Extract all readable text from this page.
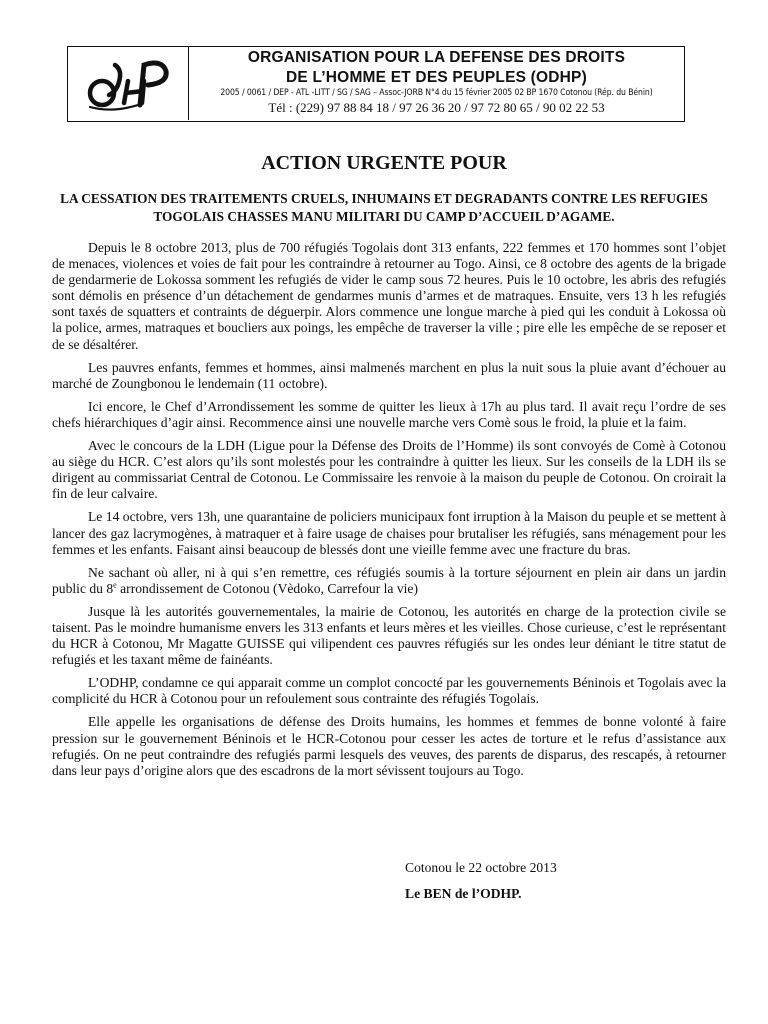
ORGANISATION POUR LA DEFENSE DES DROITS
DE L’HOMME ET DES PEUPLES (ODHP)
2005 / 0061 / DEP - ATL -LITT / SG / SAG – Assoc-JORB N°4 du 15 février 2005 02 BP 1670 Cotonou (Rép. du Bénin)
Tél : (229) 97 88 84 18 / 97 26 36 20 / 97 72 80 65 / 90 02 22 53
ACTION URGENTE POUR
LA CESSATION DES TRAITEMENTS CRUELS, INHUMAINS ET DEGRADANTS CONTRE LES REFUGIES TOGOLAIS CHASSES MANU MILITARI DU CAMP D’ACCUEIL D’AGAME.

Depuis le 8 octobre 2013, plus de 700 réfugiés Togolais dont 313 enfants, 222 femmes et 170 hommes sont l’objet de menaces, violences et voies de fait pour les contraindre à retourner au Togo. Ainsi, ce 8 octobre des agents de la brigade de gendarmerie de Lokossa somment les refugiés de vider le camp sous 72 heures. Puis le 10 octobre, les abris des refugiés sont démolis en présence d’un détachement de gendarmes munis d’armes et de matraques. Ensuite, vers 13 h les refugiés sont taxés de squatters et contraints de déguerpir. Alors commence une longue marche à pied qui les conduit à Lokossa où la police, armes, matraques et boucliers aux poings, les empêche de traverser la ville ; pire elle les empêche de se reposer et de se désaltérer.

Les pauvres enfants, femmes et hommes, ainsi malmenés marchent en plus la nuit sous la pluie avant d’échouer au marché de Zoungbonou le lendemain (11 octobre).

Ici encore, le Chef d’Arrondissement les somme de quitter les lieux à 17h au plus tard. Il avait reçu l’ordre de ses chefs hiérarchiques d’agir ainsi. Recommence ainsi une nouvelle marche vers Comè sous le froid, la pluie et la faim.

Avec le concours de la LDH (Ligue pour la Défense des Droits de l’Homme) ils sont convoyés de Comè à Cotonou au siège du HCR. C’est alors qu’ils sont molestés pour les contraindre à quitter les lieux. Sur les conseils de la LDH ils se dirigent au commissariat Central de Cotonou. Le Commissaire les renvoie à la maison du peuple de Cotonou. On croirait la fin de leur calvaire.

Le 14 octobre, vers 13h, une quarantaine de policiers municipaux font irruption à la Maison du peuple et se mettent à lancer des gaz lacrymogènes, à matraquer et à faire usage de chaises pour brutaliser les réfugiés, sans ménagement pour les femmes et les enfants. Faisant ainsi beaucoup de blessés dont une vieille femme avec une fracture du bras.

Ne sachant où aller, ni à qui s’en remettre, ces réfugiés soumis à la torture séjournent en plein air dans un jardin public du 8e arrondissement de Cotonou (Vèdoko, Carrefour la vie)

Jusque là les autorités gouvernementales, la mairie de Cotonou, les autorités en charge de la protection civile se taisent. Pas le moindre humanisme envers les 313 enfants et leurs mères et les vieilles. Chose curieuse, c’est le représentant du HCR à Cotonou, Mr Magatte GUISSE qui vilipendent ces pauvres réfugiés sur les ondes leur déniant le titre statut de refugiés et les taxant même de fainéants.

L’ODHP, condamne ce qui apparait comme un complot concocté par les gouvernements Béninois et Togolais avec la complicité du HCR à Cotonou pour un refoulement sous contrainte des réfugiés Togolais.

Elle appelle les organisations de défense des Droits humains, les hommes et femmes de bonne volonté à faire pression sur le gouvernement Béninois et le HCR-Cotonou pour cesser les actes de torture et le refus d’assistance aux refugiés. On ne peut contraindre des refugiés parmi lesquels des veuves, des parents de disparus, des rescapés, à retourner dans leur pays d’origine alors que des escadrons de la mort sévissent toujours au Togo.

Cotonou le 22 octobre 2013
Le BEN de l’ODHP.
